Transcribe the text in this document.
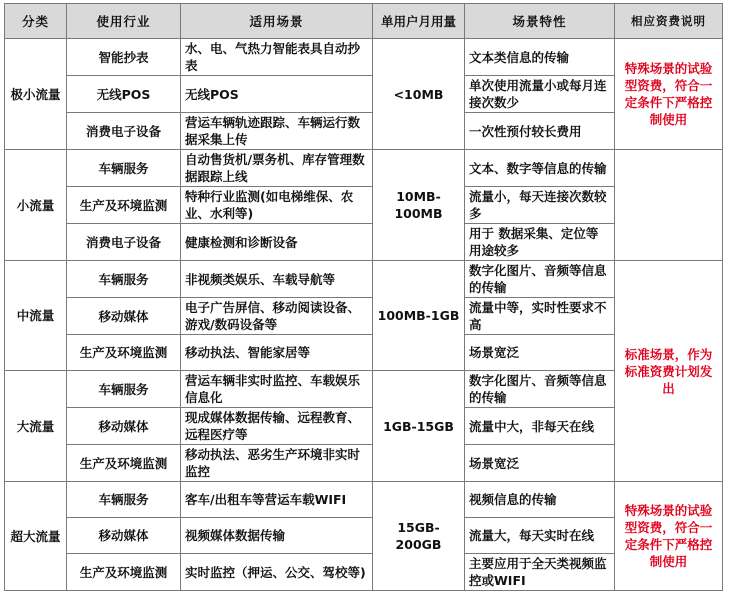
分类	使用行业	适用场景	单用户月用量	场景特性	相应资费说明
极小流量	智能抄表	水、电、气热力智能表具自动抄表	<10MB	文本类信息的传输	特殊场景的试验型资费，符合一定条件下严格控制使用
	无线POS	无线POS		单次使用流量小或每月连接次数少	
	消费电子设备	营运车辆轨迹跟踪、车辆运行数据采集上传		一次性预付较长费用	
小流量	车辆服务	自动售货机/票务机、库存管理数据跟踪上线	10MB-100MB	文本、数字等信息的传输	
	生产及环境监测	特种行业监测(如电梯维保、农业、水利等)		流量小，每天连接次数较多	
	消费电子设备	健康检测和诊断设备		用于 数据采集、定位等用途较多	
中流量	车辆服务	非视频类娱乐、车载导航等	100MB-1GB	数字化图片、音频等信息的传输	标准场景，作为标准资费计划发出
	移动媒体	电子广告屏信、移动阅读设备、游戏/数码设备等		流量中等，实时性要求不高	
	生产及环境监测	移动执法、智能家居等		场景宽泛	
大流量	车辆服务	营运车辆非实时监控、车载娱乐信息化	1GB-15GB	数字化图片、音频等信息的传输	
	移动媒体	现成媒体数据传输、远程教育、远程医疗等		流量中大，非每天在线	
	生产及环境监测	移动执法、恶劣生产环境非实时监控		场景宽泛	
超大流量	车辆服务	客车/出租车等营运车载WIFI	15GB-200GB	视频信息的传输	特殊场景的试验型资费，符合一定条件下严格控制使用
	移动媒体	视频媒体数据传输		流量大，每天实时在线	
	生产及环境监测	实时监控（押运、公交、驾校等)		主要应用于全天类视频监控或WIFI	
